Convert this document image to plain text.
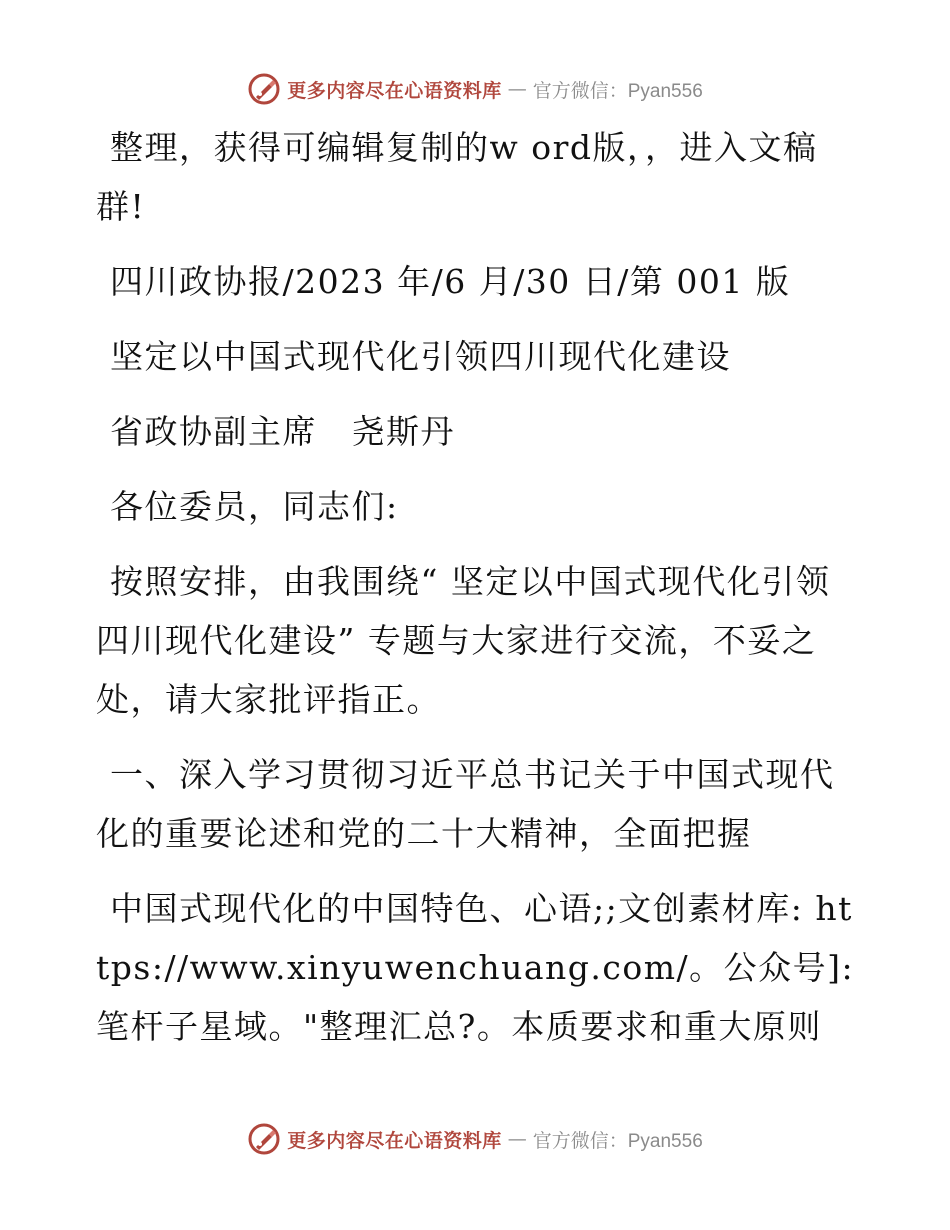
更多内容尽在心语资料库 — 官方微信：Pyan556

整理，获得可编辑复制的w ord版，，进入文稿群!

四川政协报/2023 年/6 月/30 日/第 001 版

坚定以中国式现代化引领四川现代化建设

省政协副主席　尧斯丹

各位委员，同志们:

按照安排，由我围绕“ 坚定以中国式现代化引领四川现代化建设” 专题与大家进行交流，不妥之处，请大家批评指正。

一、深入学习贯彻习近平总书记关于中国式现代化的重要论述和党的二十大精神，全面把握

中国式现代化的中国特色、心语;;文创素材库: https://www.xinyuwenchuang.com/。公众号]: 笔杆子星域。"整理汇总?。本质要求和重大原则

更多内容尽在心语资料库 — 官方微信：Pyan556
